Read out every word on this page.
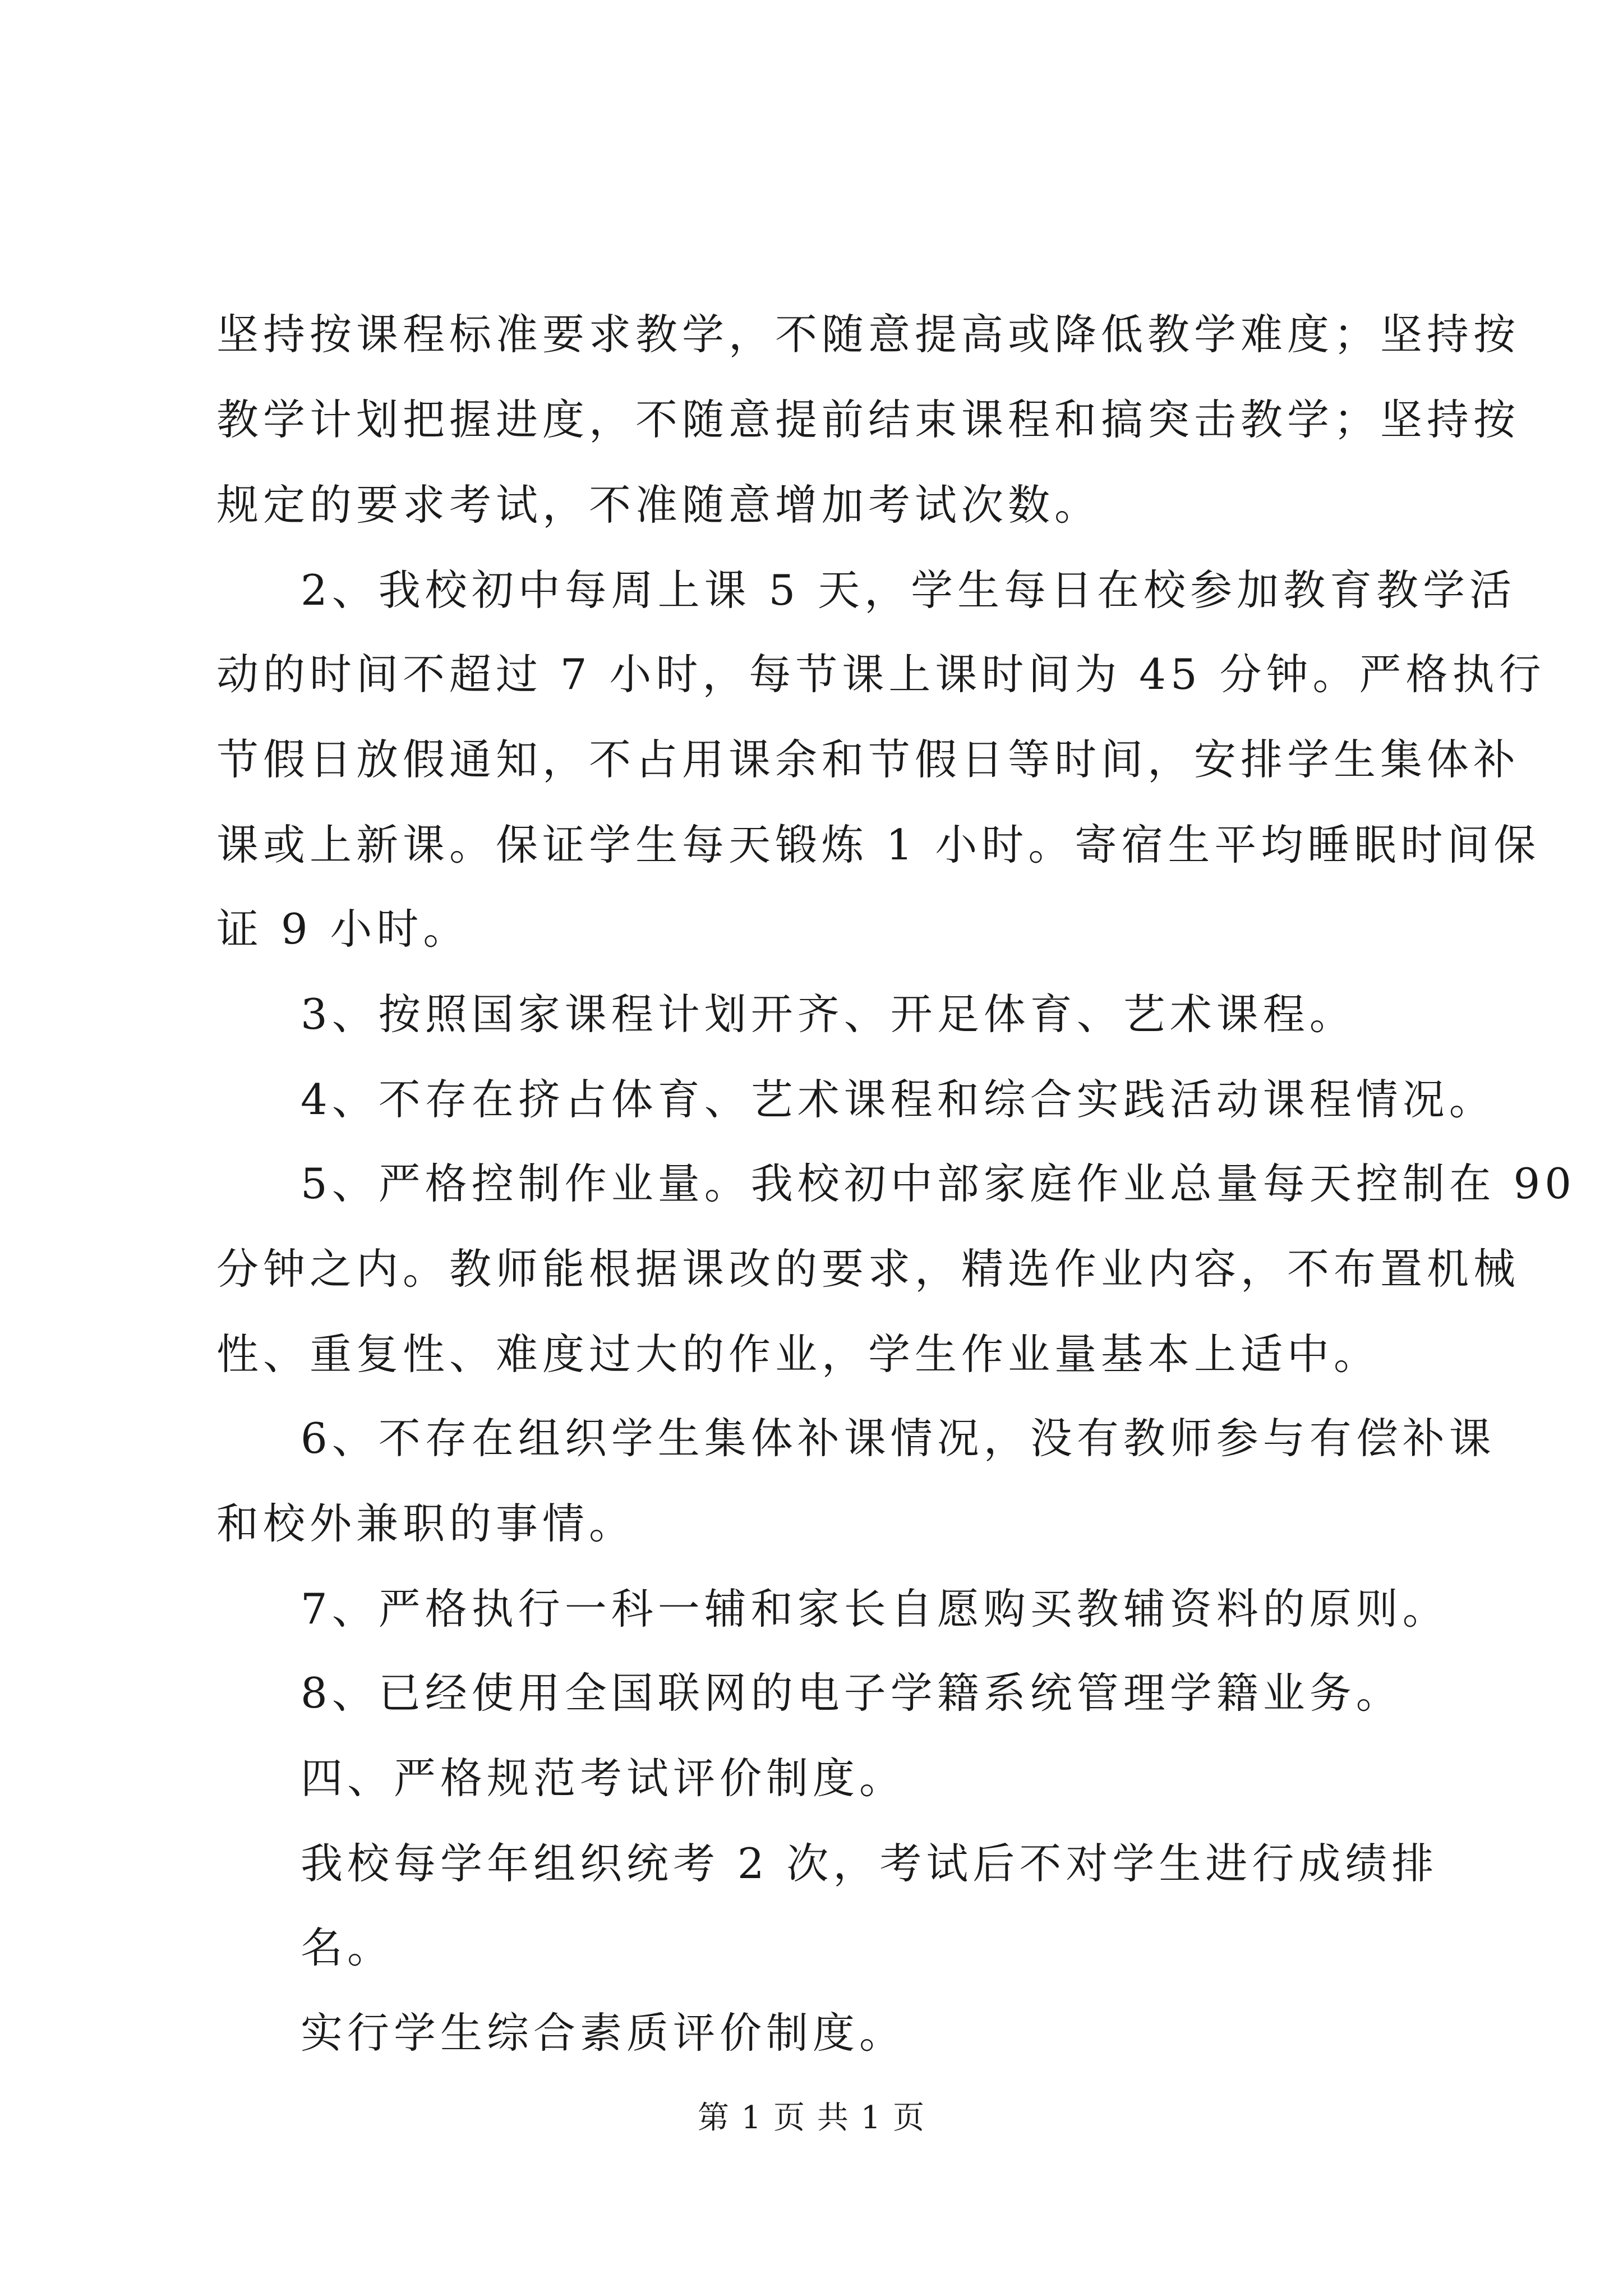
坚持按课程标准要求教学，不随意提高或降低教学难度；坚持按

教学计划把握进度，不随意提前结束课程和搞突击教学；坚持按

规定的要求考试，不准随意增加考试次数。

2、我校初中每周上课 5 天，学生每日在校参加教育教学活

动的时间不超过 7 小时，每节课上课时间为 45 分钟。严格执行

节假日放假通知，不占用课余和节假日等时间，安排学生集体补

课或上新课。保证学生每天锻炼 1 小时。寄宿生平均睡眠时间保

证 9 小时。

3、按照国家课程计划开齐、开足体育、艺术课程。

4、不存在挤占体育、艺术课程和综合实践活动课程情况。

5、严格控制作业量。我校初中部家庭作业总量每天控制在 90

分钟之内。教师能根据课改的要求，精选作业内容，不布置机械

性、重复性、难度过大的作业，学生作业量基本上适中。

6、不存在组织学生集体补课情况，没有教师参与有偿补课

和校外兼职的事情。

7、严格执行一科一辅和家长自愿购买教辅资料的原则。

8、已经使用全国联网的电子学籍系统管理学籍业务。

四、严格规范考试评价制度。

我校每学年组织统考 2 次，考试后不对学生进行成绩排

名。

实行学生综合素质评价制度。

第 1 页 共 1 页
